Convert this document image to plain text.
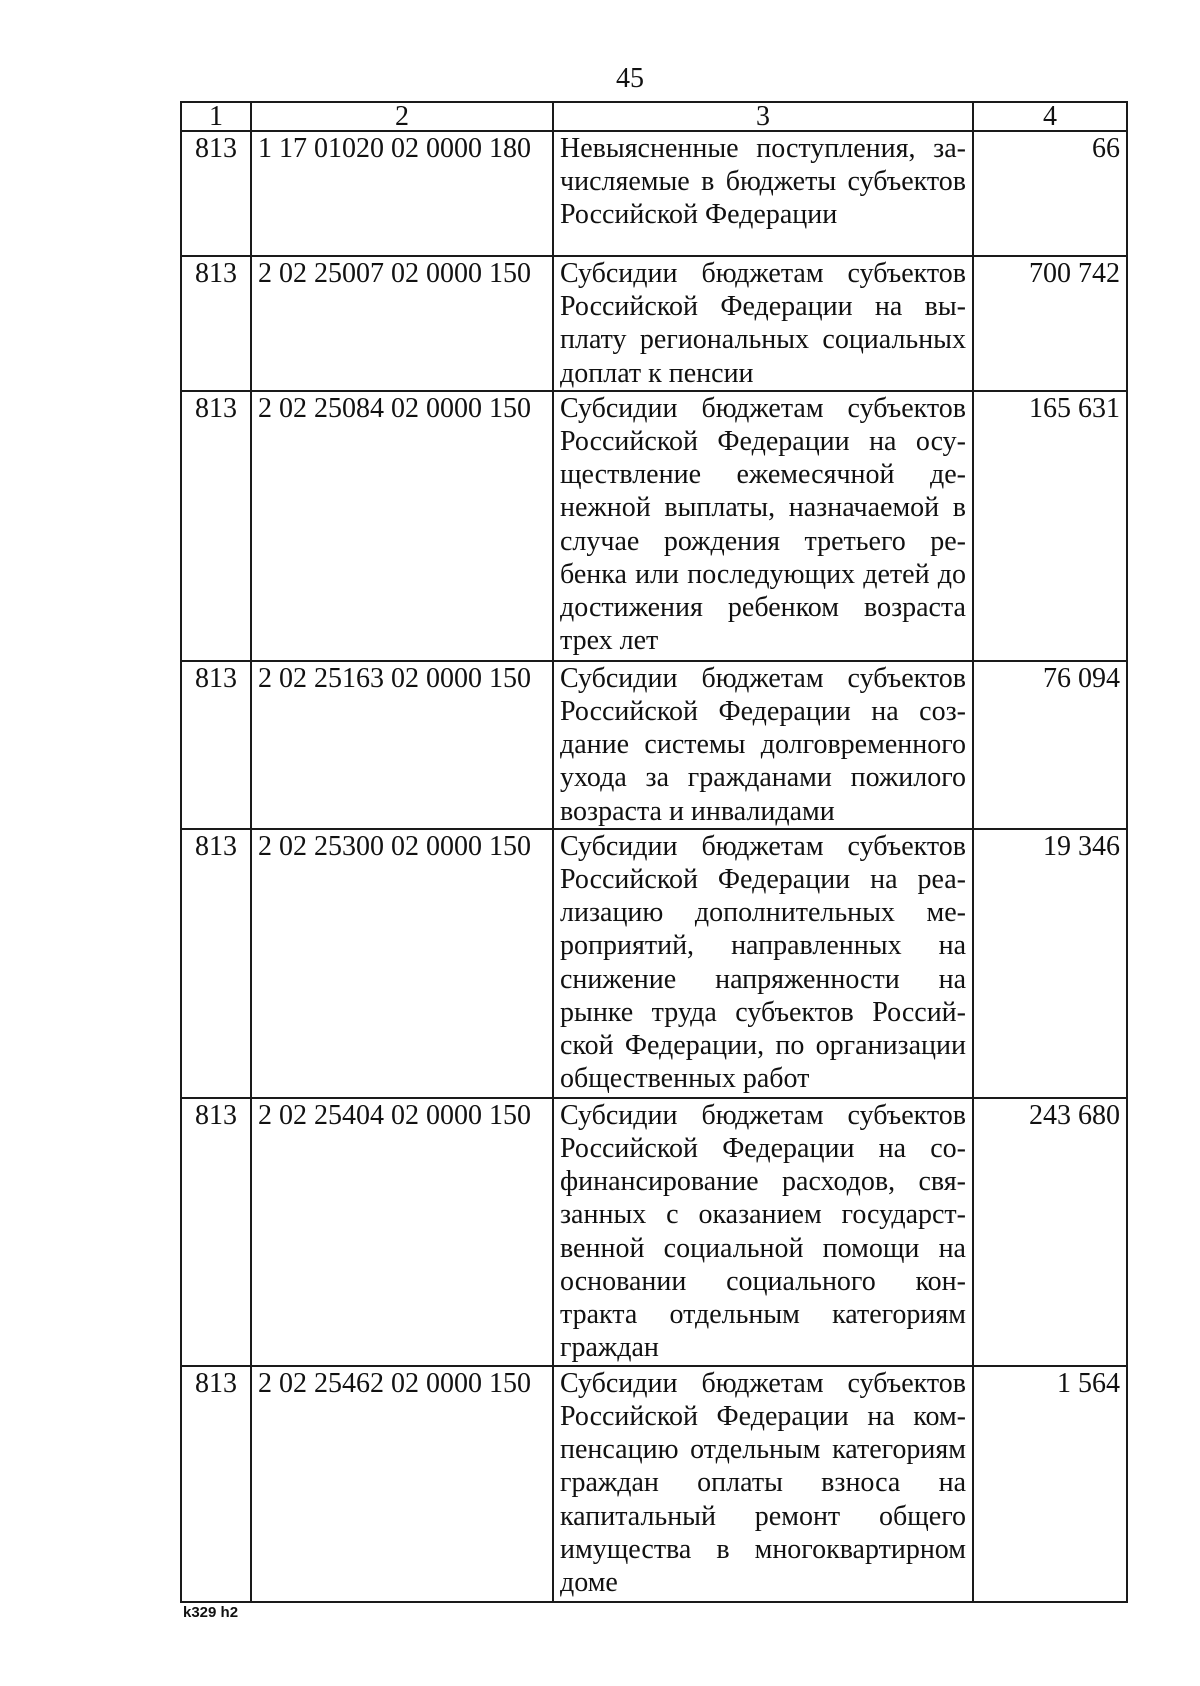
45
1	2	3	4
813	1 17 01020 02 0000 180	Невыясненные поступления, зачисляемые в бюджеты субъектов Российской Федерации	66
813	2 02 25007 02 0000 150	Субсидии бюджетам субъектов Российской Федерации на выплату региональных социальных доплат к пенсии	700 742
813	2 02 25084 02 0000 150	Субсидии бюджетам субъектов Российской Федерации на осуществление ежемесячной денежной выплаты, назначаемой в случае рождения третьего ребенка или последующих детей до достижения ребенком возраста трех лет	165 631
813	2 02 25163 02 0000 150	Субсидии бюджетам субъектов Российской Федерации на создание системы долговременного ухода за гражданами пожилого возраста и инвалидами	76 094
813	2 02 25300 02 0000 150	Субсидии бюджетам субъектов Российской Федерации на реализацию дополнительных мероприятий, направленных на снижение напряженности на рынке труда субъектов Российской Федерации, по организации общественных работ	19 346
813	2 02 25404 02 0000 150	Субсидии бюджетам субъектов Российской Федерации на софинансирование расходов, связанных с оказанием государственной социальной помощи на основании социального контракта отдельным категориям граждан	243 680
813	2 02 25462 02 0000 150	Субсидии бюджетам субъектов Российской Федерации на компенсацию отдельным категориям граждан оплаты взноса на капитальный ремонт общего имущества в многоквартирном доме	1 564
k329 h2
